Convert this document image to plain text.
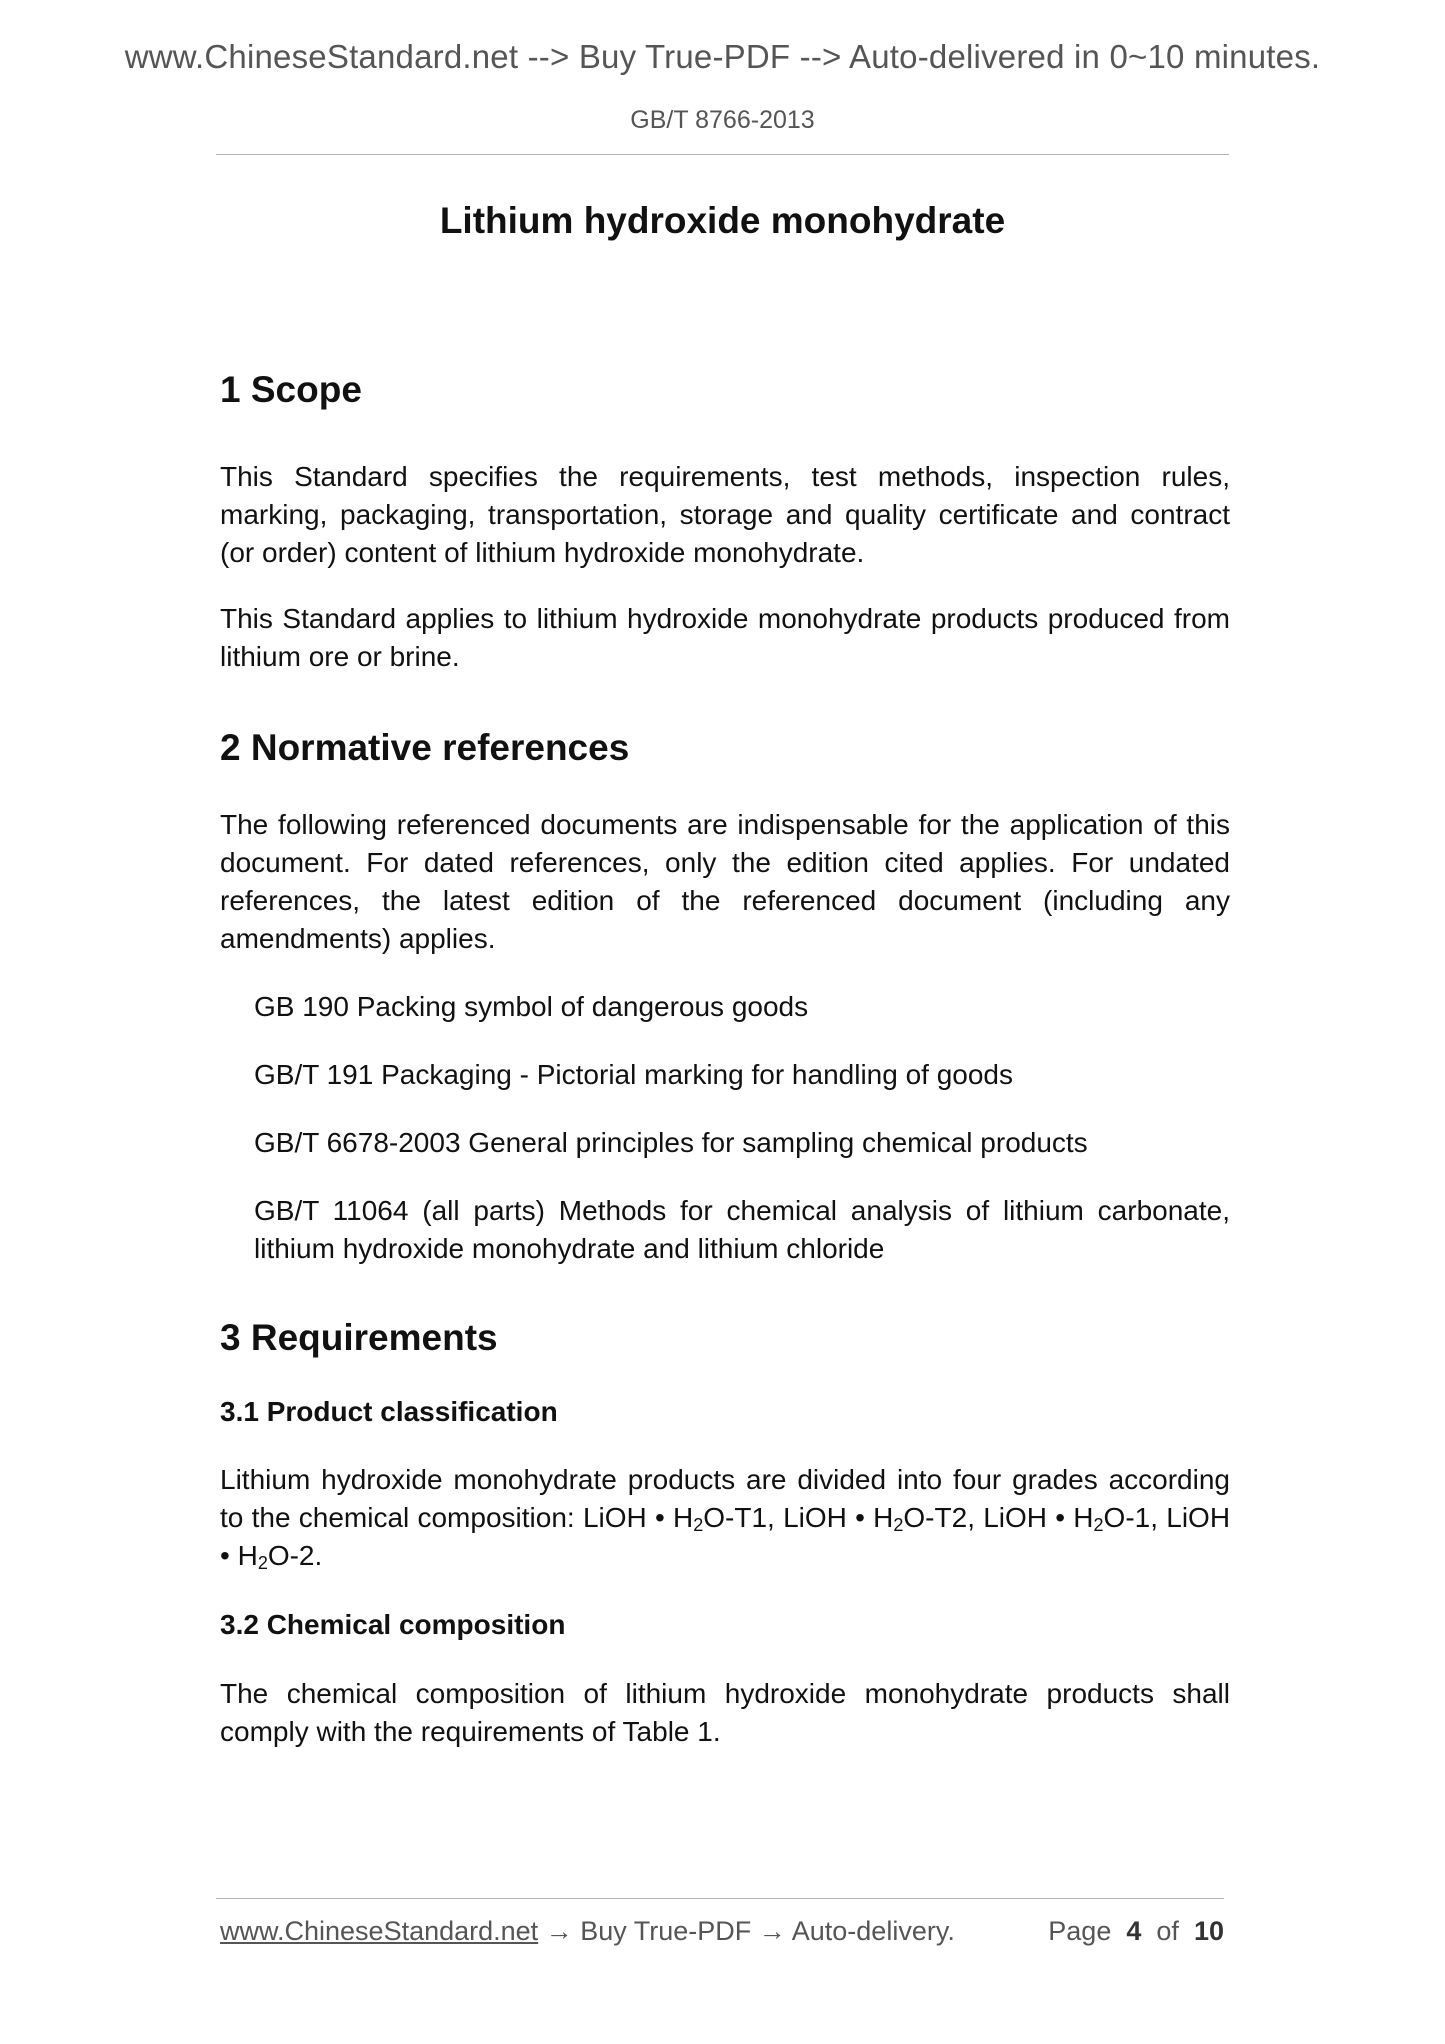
www.ChineseStandard.net --> Buy True-PDF --> Auto-delivered in 0~10 minutes.
GB/T 8766-2013
Lithium hydroxide monohydrate
1 Scope

This Standard specifies the requirements, test methods, inspection rules, marking, packaging, transportation, storage and quality certificate and contract (or order) content of lithium hydroxide monohydrate.

This Standard applies to lithium hydroxide monohydrate products produced from lithium ore or brine.

2 Normative references

The following referenced documents are indispensable for the application of this document. For dated references, only the edition cited applies. For undated references, the latest edition of the referenced document (including any amendments) applies.

GB 190 Packing symbol of dangerous goods

GB/T 191 Packaging - Pictorial marking for handling of goods

GB/T 6678-2003 General principles for sampling chemical products

GB/T 11064 (all parts) Methods for chemical analysis of lithium carbonate, lithium hydroxide monohydrate and lithium chloride

3 Requirements
3.1 Product classification

Lithium hydroxide monohydrate products are divided into four grades according to the chemical composition: LiOH • $H_2O-T1$, LiOH • $H_2O-T2$, LiOH • $H_2O-1$, LiOH • $H_2O-2$.

3.2 Chemical composition

The chemical composition of lithium hydroxide monohydrate products shall comply with the requirements of Table 1.

www.ChineseStandard.net → Buy True-PDF → Auto-delivery.	Page 4 of 10
